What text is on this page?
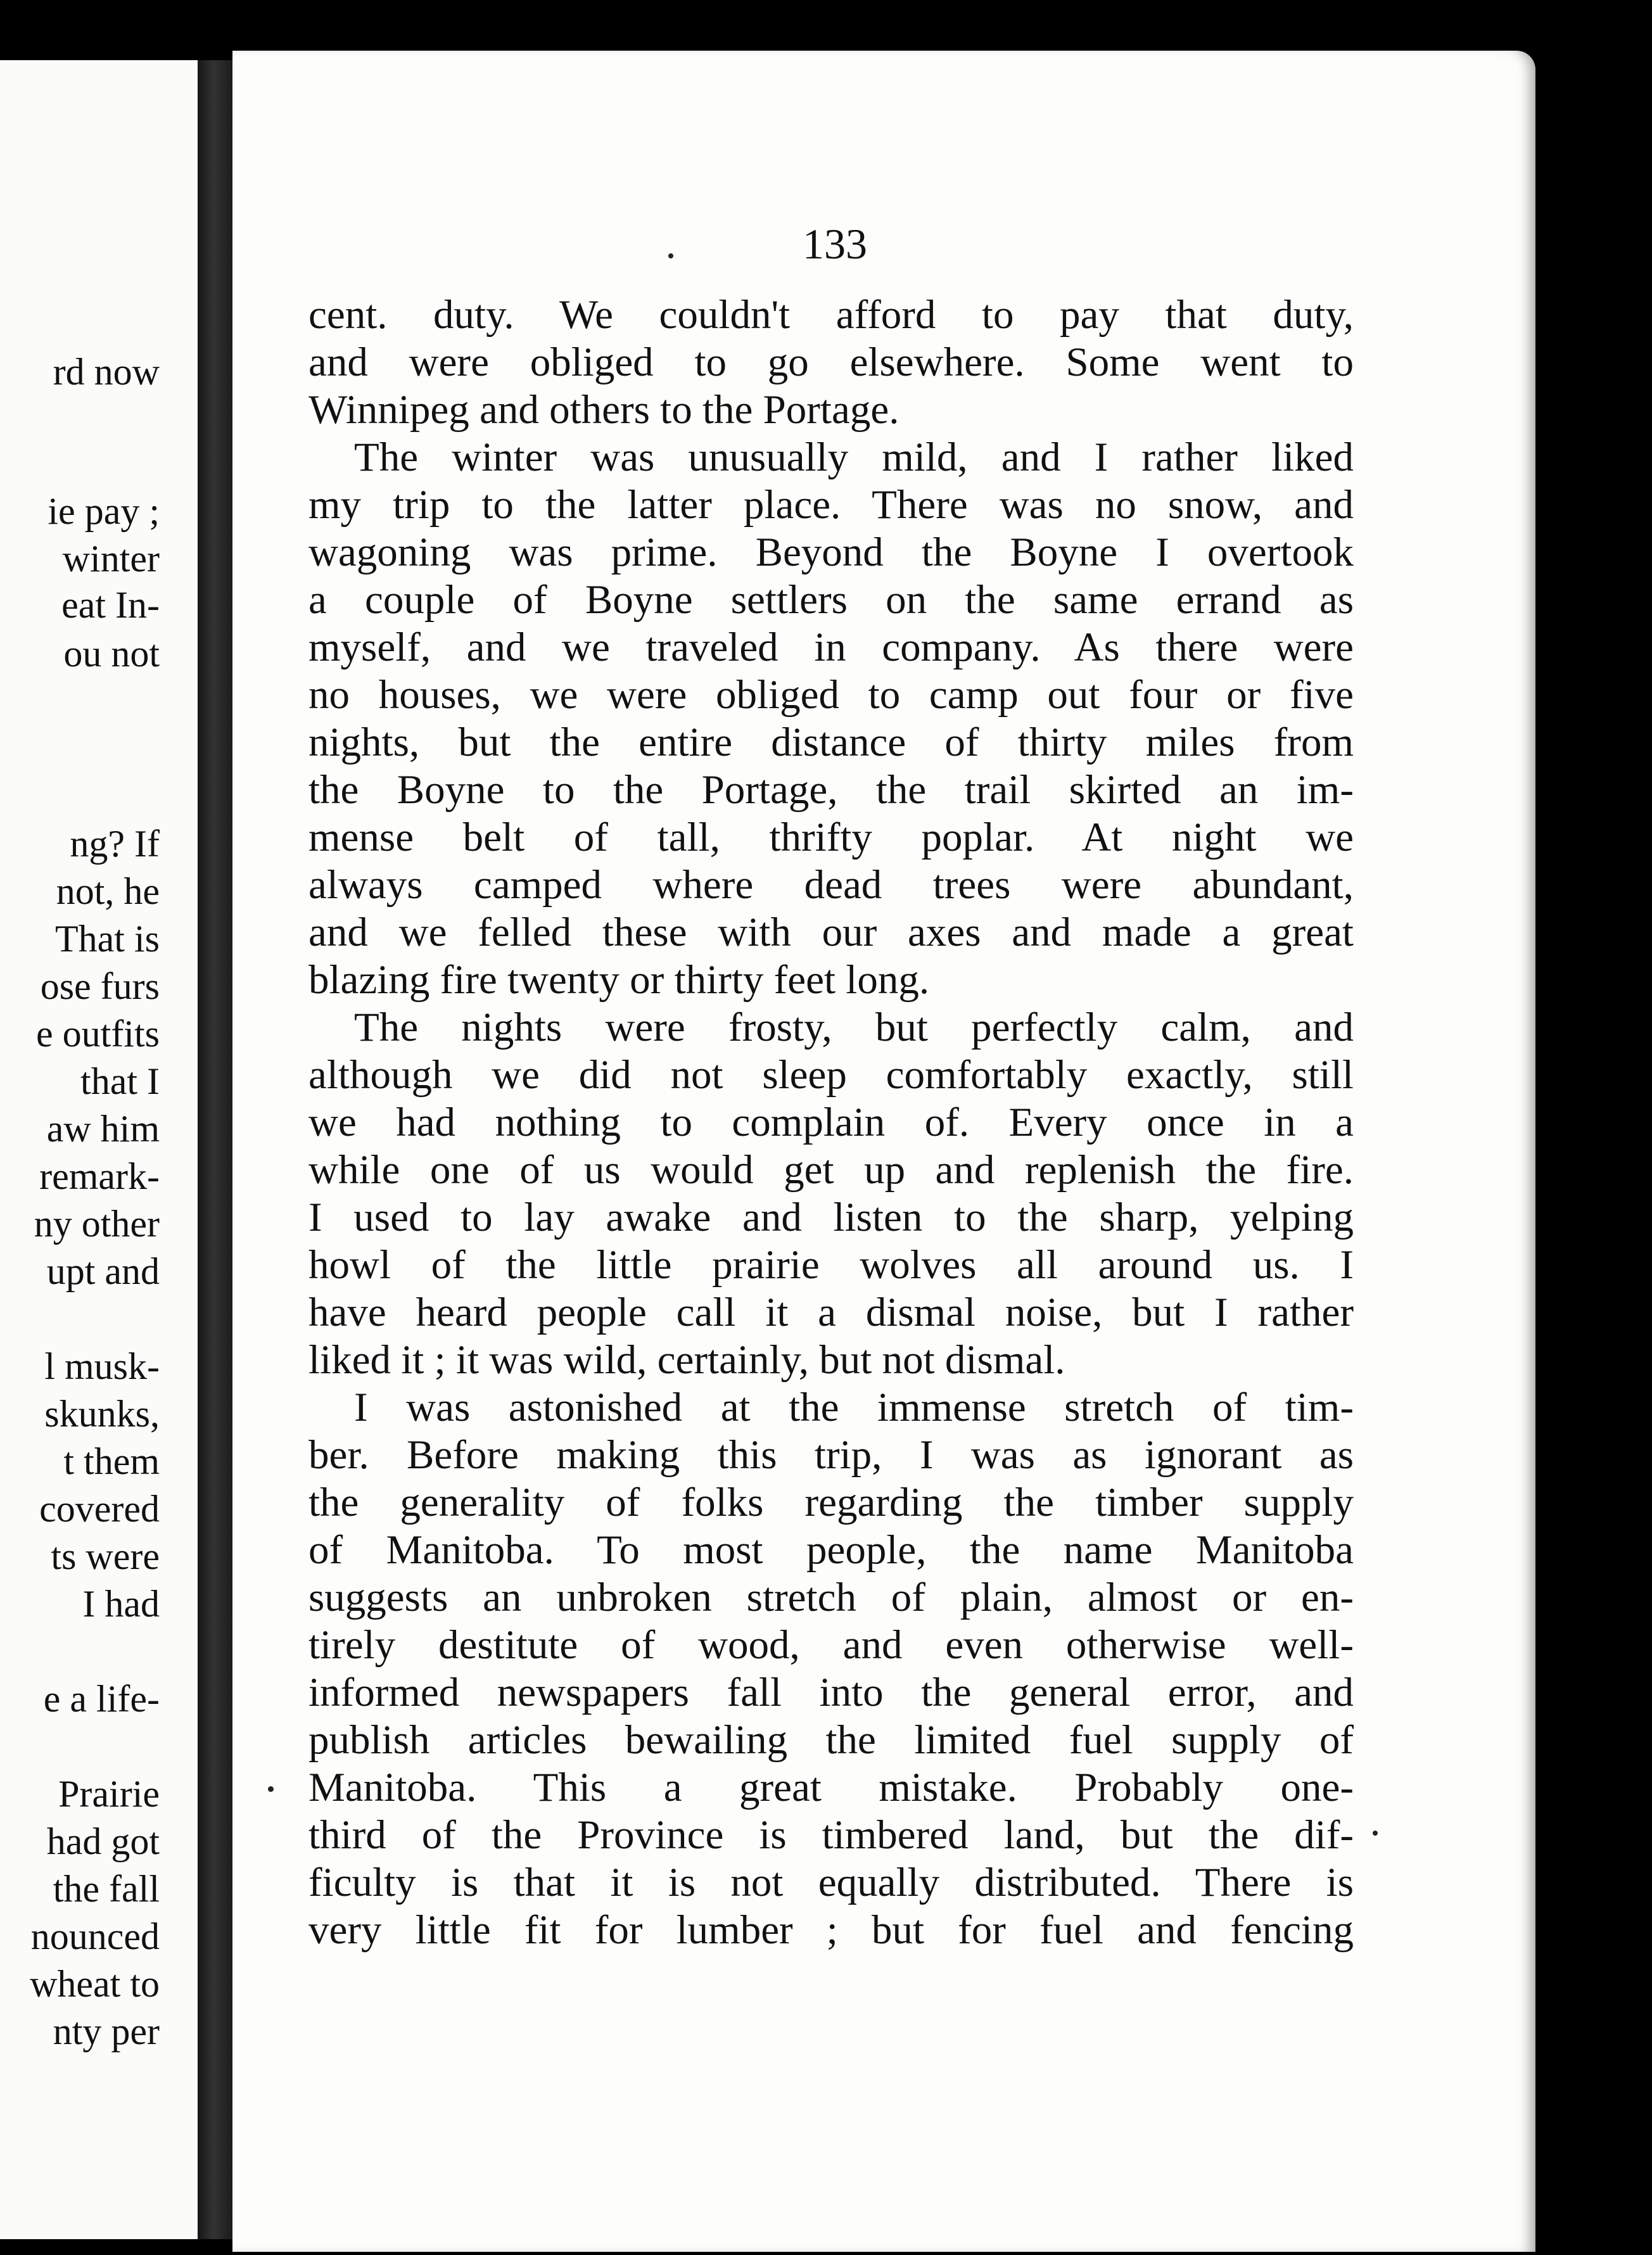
rd now
ie pay ;
winter
eat In-
ou not
ng? If
not, he
That is
ose furs
e outfits
that I
aw him
remark-
ny other
upt and
l musk-
skunks,
t them
covered
ts were
I had
e a life-
Prairie
had got
the fall
nounced
wheat to
nty per
133
cent. duty. We couldn't afford to pay that duty,
and were obliged to go elsewhere. Some went to
Winnipeg and others to the Portage.
The winter was unusually mild, and I rather liked
my trip to the latter place. There was no snow, and
wagoning was prime. Beyond the Boyne I overtook
a couple of Boyne settlers on the same errand as
myself, and we traveled in company. As there were
no houses, we were obliged to camp out four or five
nights, but the entire distance of thirty miles from
the Boyne to the Portage, the trail skirted an im-
mense belt of tall, thrifty poplar. At night we
always camped where dead trees were abundant,
and we felled these with our axes and made a great
blazing fire twenty or thirty feet long.
The nights were frosty, but perfectly calm, and
although we did not sleep comfortably exactly, still
we had nothing to complain of. Every once in a
while one of us would get up and replenish the fire.
I used to lay awake and listen to the sharp, yelping
howl of the little prairie wolves all around us. I
have heard people call it a dismal noise, but I rather
liked it ; it was wild, certainly, but not dismal.
I was astonished at the immense stretch of tim-
ber. Before making this trip, I was as ignorant as
the generality of folks regarding the timber supply
of Manitoba. To most people, the name Manitoba
suggests an unbroken stretch of plain, almost or en-
tirely destitute of wood, and even otherwise well-
informed newspapers fall into the general error, and
publish articles bewailing the limited fuel supply of
Manitoba. This a great mistake. Probably one-
third of the Province is timbered land, but the dif-
ficulty is that it is not equally distributed. There is
very little fit for lumber ; but for fuel and fencing
